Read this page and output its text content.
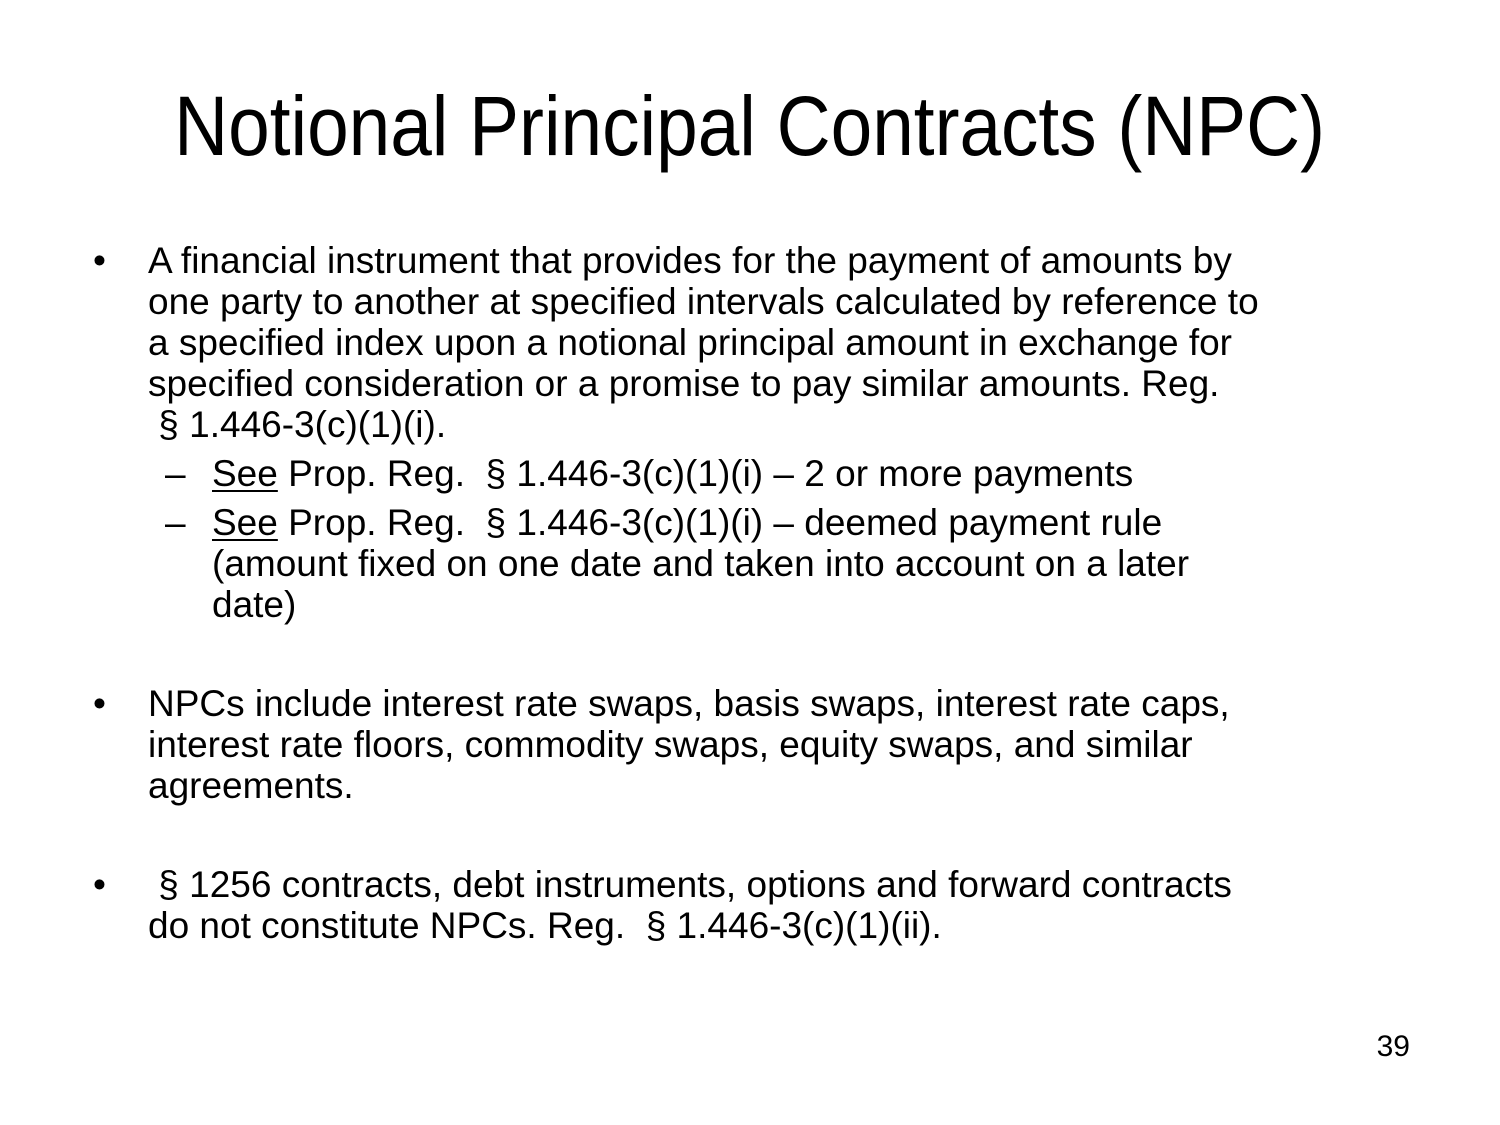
Notional Principal Contracts (NPC)
•	A financial instrument that provides for the payment of amounts by
one party to another at specified intervals calculated by reference to
a specified index upon a notional principal amount in exchange for
specified consideration or a promise to pay similar amounts. Reg.
§ 1.446-3(c)(1)(i).
– See Prop. Reg.  § 1.446-3(c)(1)(i) – 2 or more payments
– See Prop. Reg.  § 1.446-3(c)(1)(i) – deemed payment rule
(amount fixed on one date and taken into account on a later
date)
•	NPCs include interest rate swaps, basis swaps, interest rate caps,
interest rate floors, commodity swaps, equity swaps, and similar
agreements.
•	§ 1256 contracts, debt instruments, options and forward contracts
do not constitute NPCs. Reg.  § 1.446-3(c)(1)(ii).
39
